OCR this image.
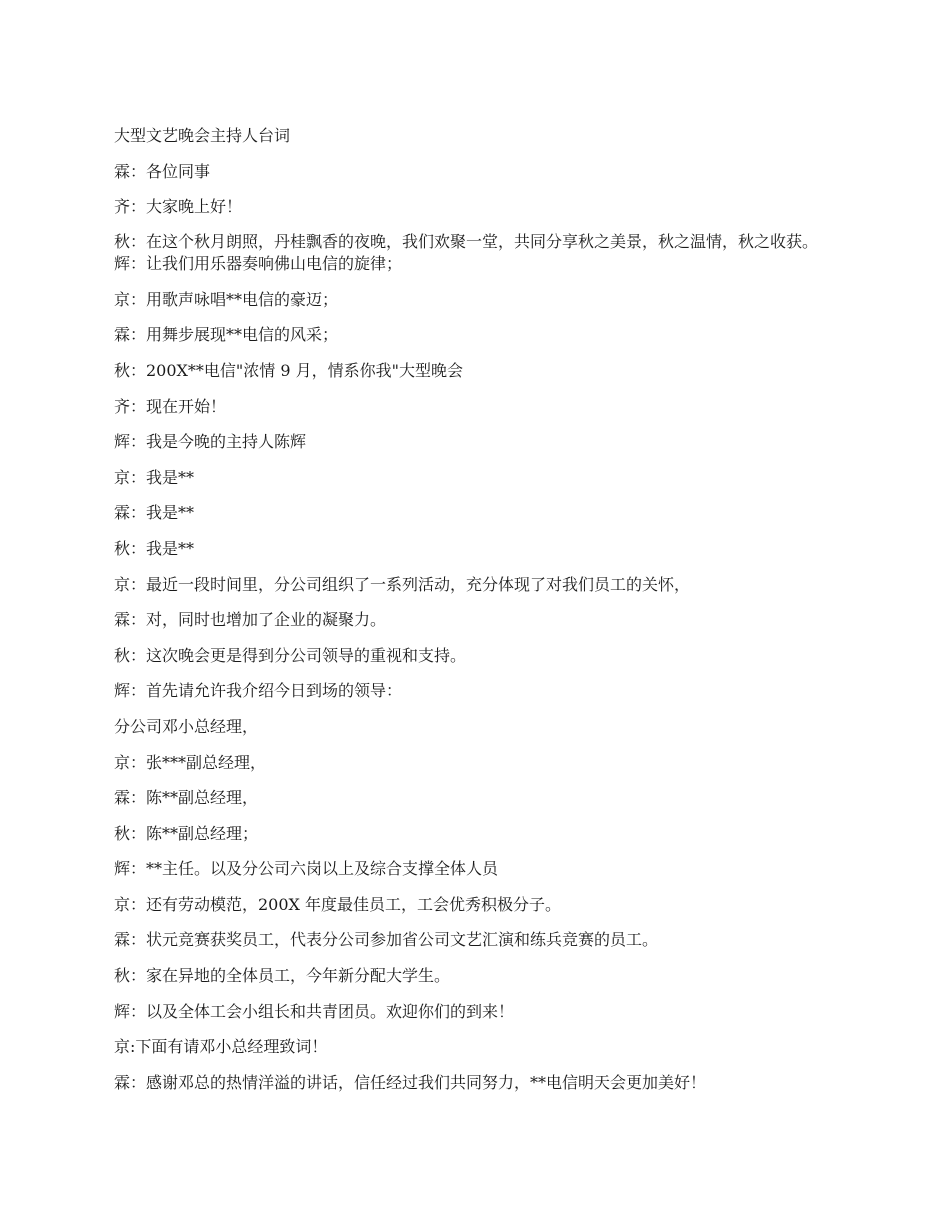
大型文艺晚会主持人台词

霖：各位同事

齐：大家晚上好！

秋：在这个秋月朗照，丹桂飘香的夜晚，我们欢聚一堂，共同分享秋之美景，秋之温情，秋之收获。辉：让我们用乐器奏响佛山电信的旋律；

京：用歌声咏唱**电信的豪迈；

霖：用舞步展现**电信的风采；

秋：200X**电信"浓情 9 月，情系你我"大型晚会

齐：现在开始！

辉：我是今晚的主持人陈辉

京：我是**

霖：我是**

秋：我是**

京：最近一段时间里，分公司组织了一系列活动，充分体现了对我们员工的关怀，

霖：对，同时也增加了企业的凝聚力。

秋：这次晚会更是得到分公司领导的重视和支持。

辉：首先请允许我介绍今日到场的领导：

分公司邓小总经理，

京：张***副总经理，

霖：陈**副总经理，

秋：陈**副总经理；

辉：**主任。以及分公司六岗以上及综合支撑全体人员

京：还有劳动模范，200X 年度最佳员工，工会优秀积极分子。

霖：状元竞赛获奖员工，代表分公司参加省公司文艺汇演和练兵竞赛的员工。

秋：家在异地的全体员工，今年新分配大学生。

辉：以及全体工会小组长和共青团员。欢迎你们的到来！

京:下面有请邓小总经理致词！

霖：感谢邓总的热情洋溢的讲话，信任经过我们共同努力，**电信明天会更加美好！
